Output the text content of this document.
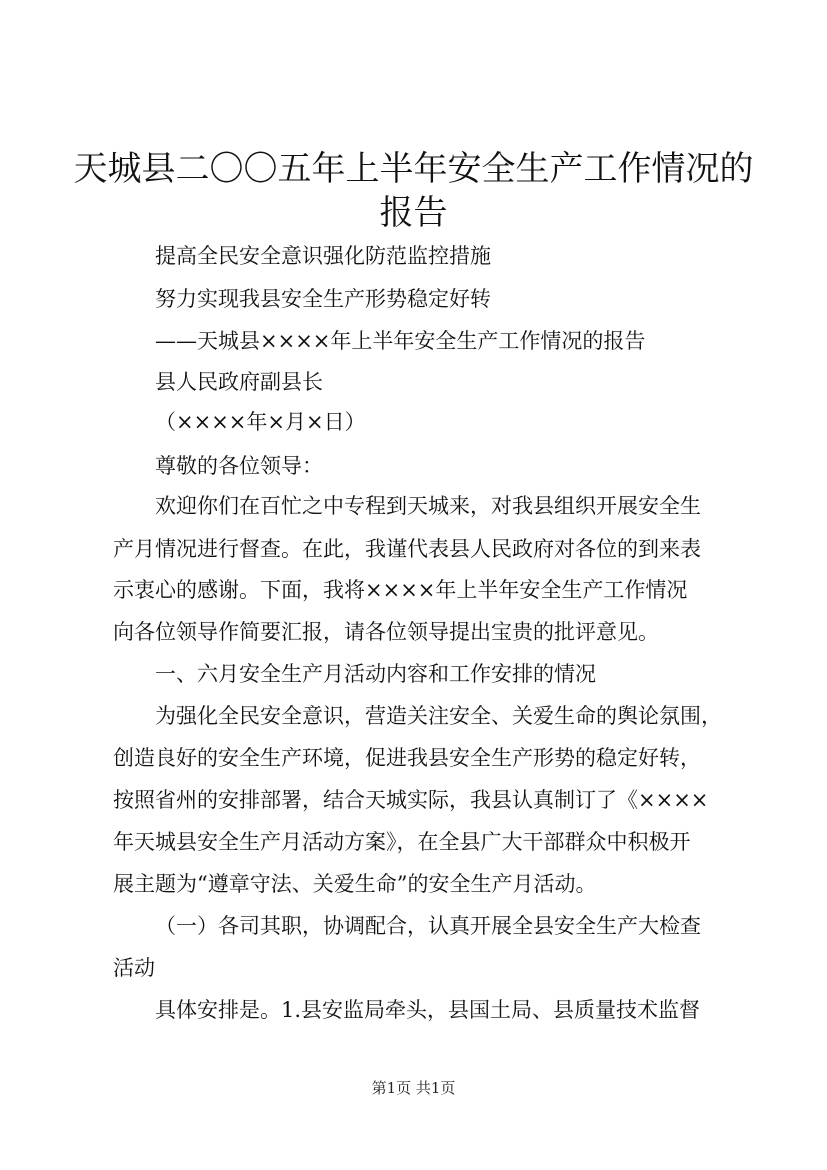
天城县二〇〇五年上半年安全生产工作情况的
报告
提高全民安全意识强化防范监控措施
努力实现我县安全生产形势稳定好转
——天城县××××年上半年安全生产工作情况的报告
县人民政府副县长
（××××年×月×日）
尊敬的各位领导：
欢迎你们在百忙之中专程到天城来，对我县组织开展安全生
产月情况进行督查。在此，我谨代表县人民政府对各位的到来表
示衷心的感谢。下面，我将××××年上半年安全生产工作情况
向各位领导作简要汇报，请各位领导提出宝贵的批评意见。
一、六月安全生产月活动内容和工作安排的情况
为强化全民安全意识，营造关注安全、关爱生命的舆论氛围，
创造良好的安全生产环境，促进我县安全生产形势的稳定好转，
按照省州的安排部署，结合天城实际，我县认真制订了《××××
年天城县安全生产月活动方案》，在全县广大干部群众中积极开
展主题为“遵章守法、关爱生命”的安全生产月活动。
（一）各司其职，协调配合，认真开展全县安全生产大检查
活动
具体安排是。1.县安监局牵头，县国土局、县质量技术监督
第1页 共1页
